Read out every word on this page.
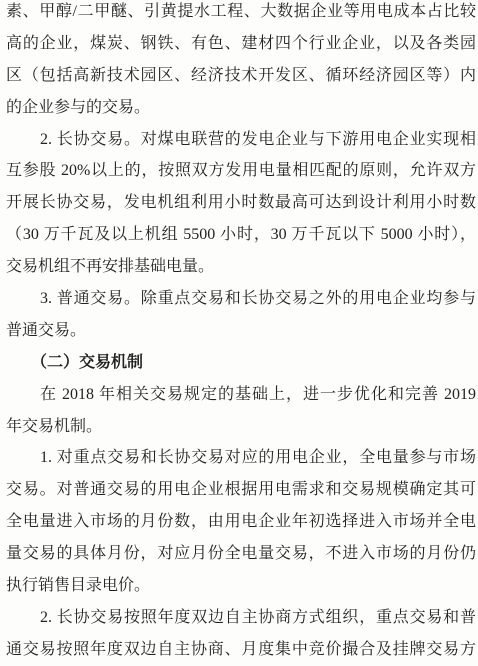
素、甲醇/二甲醚、引黄提水工程、大数据企业等用电成本占比较
高的企业，煤炭、钢铁、有色、建材四个行业企业，以及各类园
区（包括高新技术园区、经济技术开发区、循环经济园区等）内
的企业参与的交易。
2. 长协交易。对煤电联营的发电企业与下游用电企业实现相
互参股 20%以上的，按照双方发用电量相匹配的原则，允许双方
开展长协交易，发电机组利用小时数最高可达到设计利用小时数
（30 万千瓦及以上机组 5500 小时，30 万千瓦以下 5000 小时），
交易机组不再安排基础电量。
3. 普通交易。除重点交易和长协交易之外的用电企业均参与
普通交易。
（二）交易机制
在 2018 年相关交易规定的基础上，进一步优化和完善 2019
年交易机制。
1. 对重点交易和长协交易对应的用电企业，全电量参与市场
交易。对普通交易的用电企业根据用电需求和交易规模确定其可
全电量进入市场的月份数，由用电企业年初选择进入市场并全电
量交易的具体月份，对应月份全电量交易，不进入市场的月份仍
执行销售目录电价。
2. 长协交易按照年度双边自主协商方式组织，重点交易和普
通交易按照年度双边自主协商、月度集中竞价撮合及挂牌交易方
